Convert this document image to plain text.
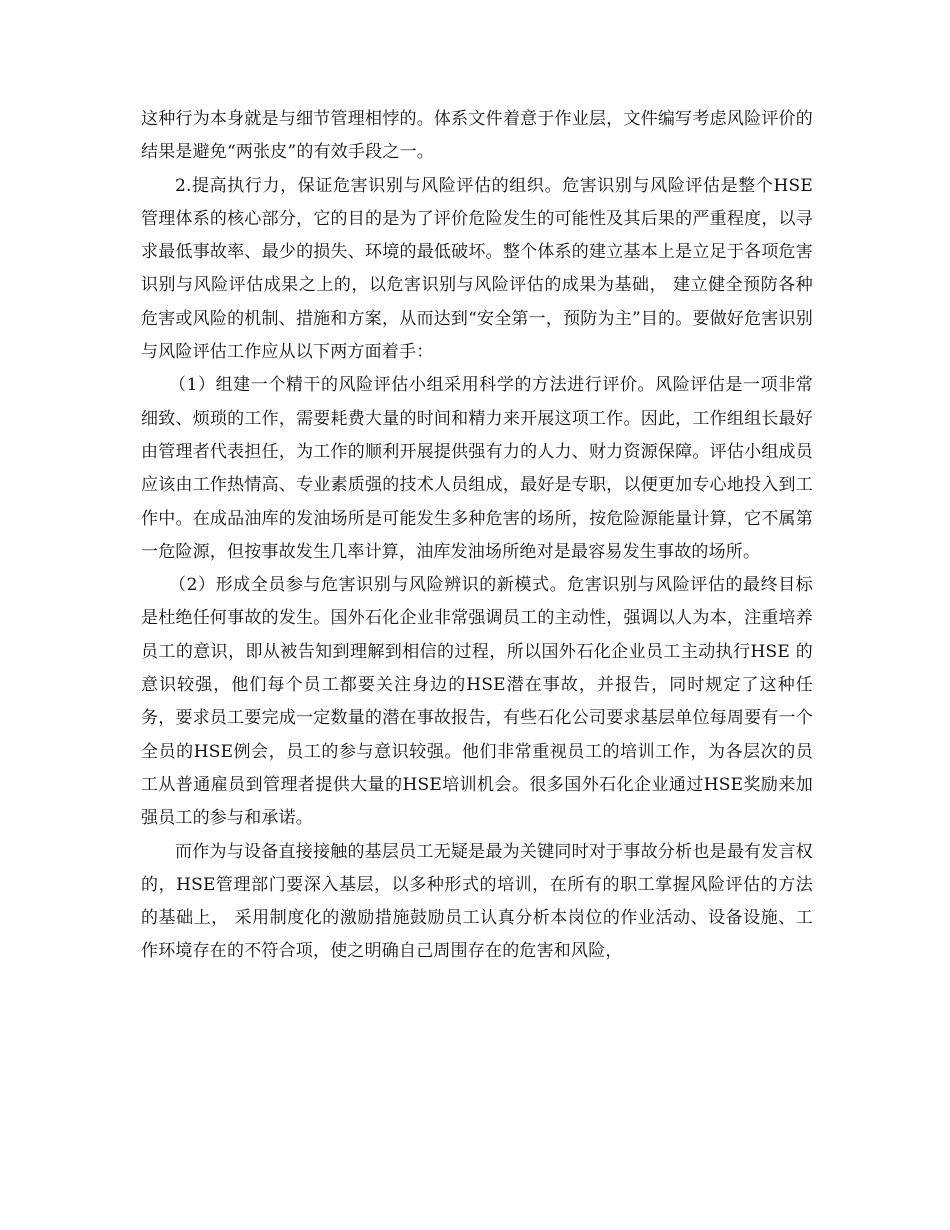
这种行为本身就是与细节管理相悖的。体系文件着意于作业层，文件编写考虑风险评价的结果是避免“两张皮”的有效手段之一。

2.提高执行力，保证危害识别与风险评估的组织。危害识别与风险评估是整个HSE管理体系的核心部分，它的目的是为了评价危险发生的可能性及其后果的严重程度，以寻求最低事故率、最少的损失、环境的最低破坏。整个体系的建立基本上是立足于各项危害识别与风险评估成果之上的，以危害识别与风险评估的成果为基础， 建立健全预防各种危害或风险的机制、措施和方案，从而达到“安全第一，预防为主”目的。要做好危害识别与风险评估工作应从以下两方面着手：

（1）组建一个精干的风险评估小组采用科学的方法进行评价。风险评估是一项非常细致、烦琐的工作，需要耗费大量的时间和精力来开展这项工作。因此，工作组组长最好由管理者代表担任，为工作的顺利开展提供强有力的人力、财力资源保障。评估小组成员应该由工作热情高、专业素质强的技术人员组成，最好是专职，以便更加专心地投入到工作中。在成品油库的发油场所是可能发生多种危害的场所，按危险源能量计算，它不属第一危险源，但按事故发生几率计算，油库发油场所绝对是最容易发生事故的场所。

（2）形成全员参与危害识别与风险辨识的新模式。危害识别与风险评估的最终目标是杜绝任何事故的发生。国外石化企业非常强调员工的主动性，强调以人为本，注重培养员工的意识，即从被告知到理解到相信的过程，所以国外石化企业员工主动执行HSE 的意识较强，他们每个员工都要关注身边的HSE潜在事故，并报告，同时规定了这种任务，要求员工要完成一定数量的潜在事故报告，有些石化公司要求基层单位每周要有一个全员的HSE例会，员工的参与意识较强。他们非常重视员工的培训工作，为各层次的员工从普通雇员到管理者提供大量的HSE培训机会。很多国外石化企业通过HSE奖励来加强员工的参与和承诺。

而作为与设备直接接触的基层员工无疑是最为关键同时对于事故分析也是最有发言权的，HSE管理部门要深入基层，以多种形式的培训，在所有的职工掌握风险评估的方法的基础上， 采用制度化的激励措施鼓励员工认真分析本岗位的作业活动、设备设施、工作环境存在的不符合项，使之明确自己周围存在的危害和风险，
